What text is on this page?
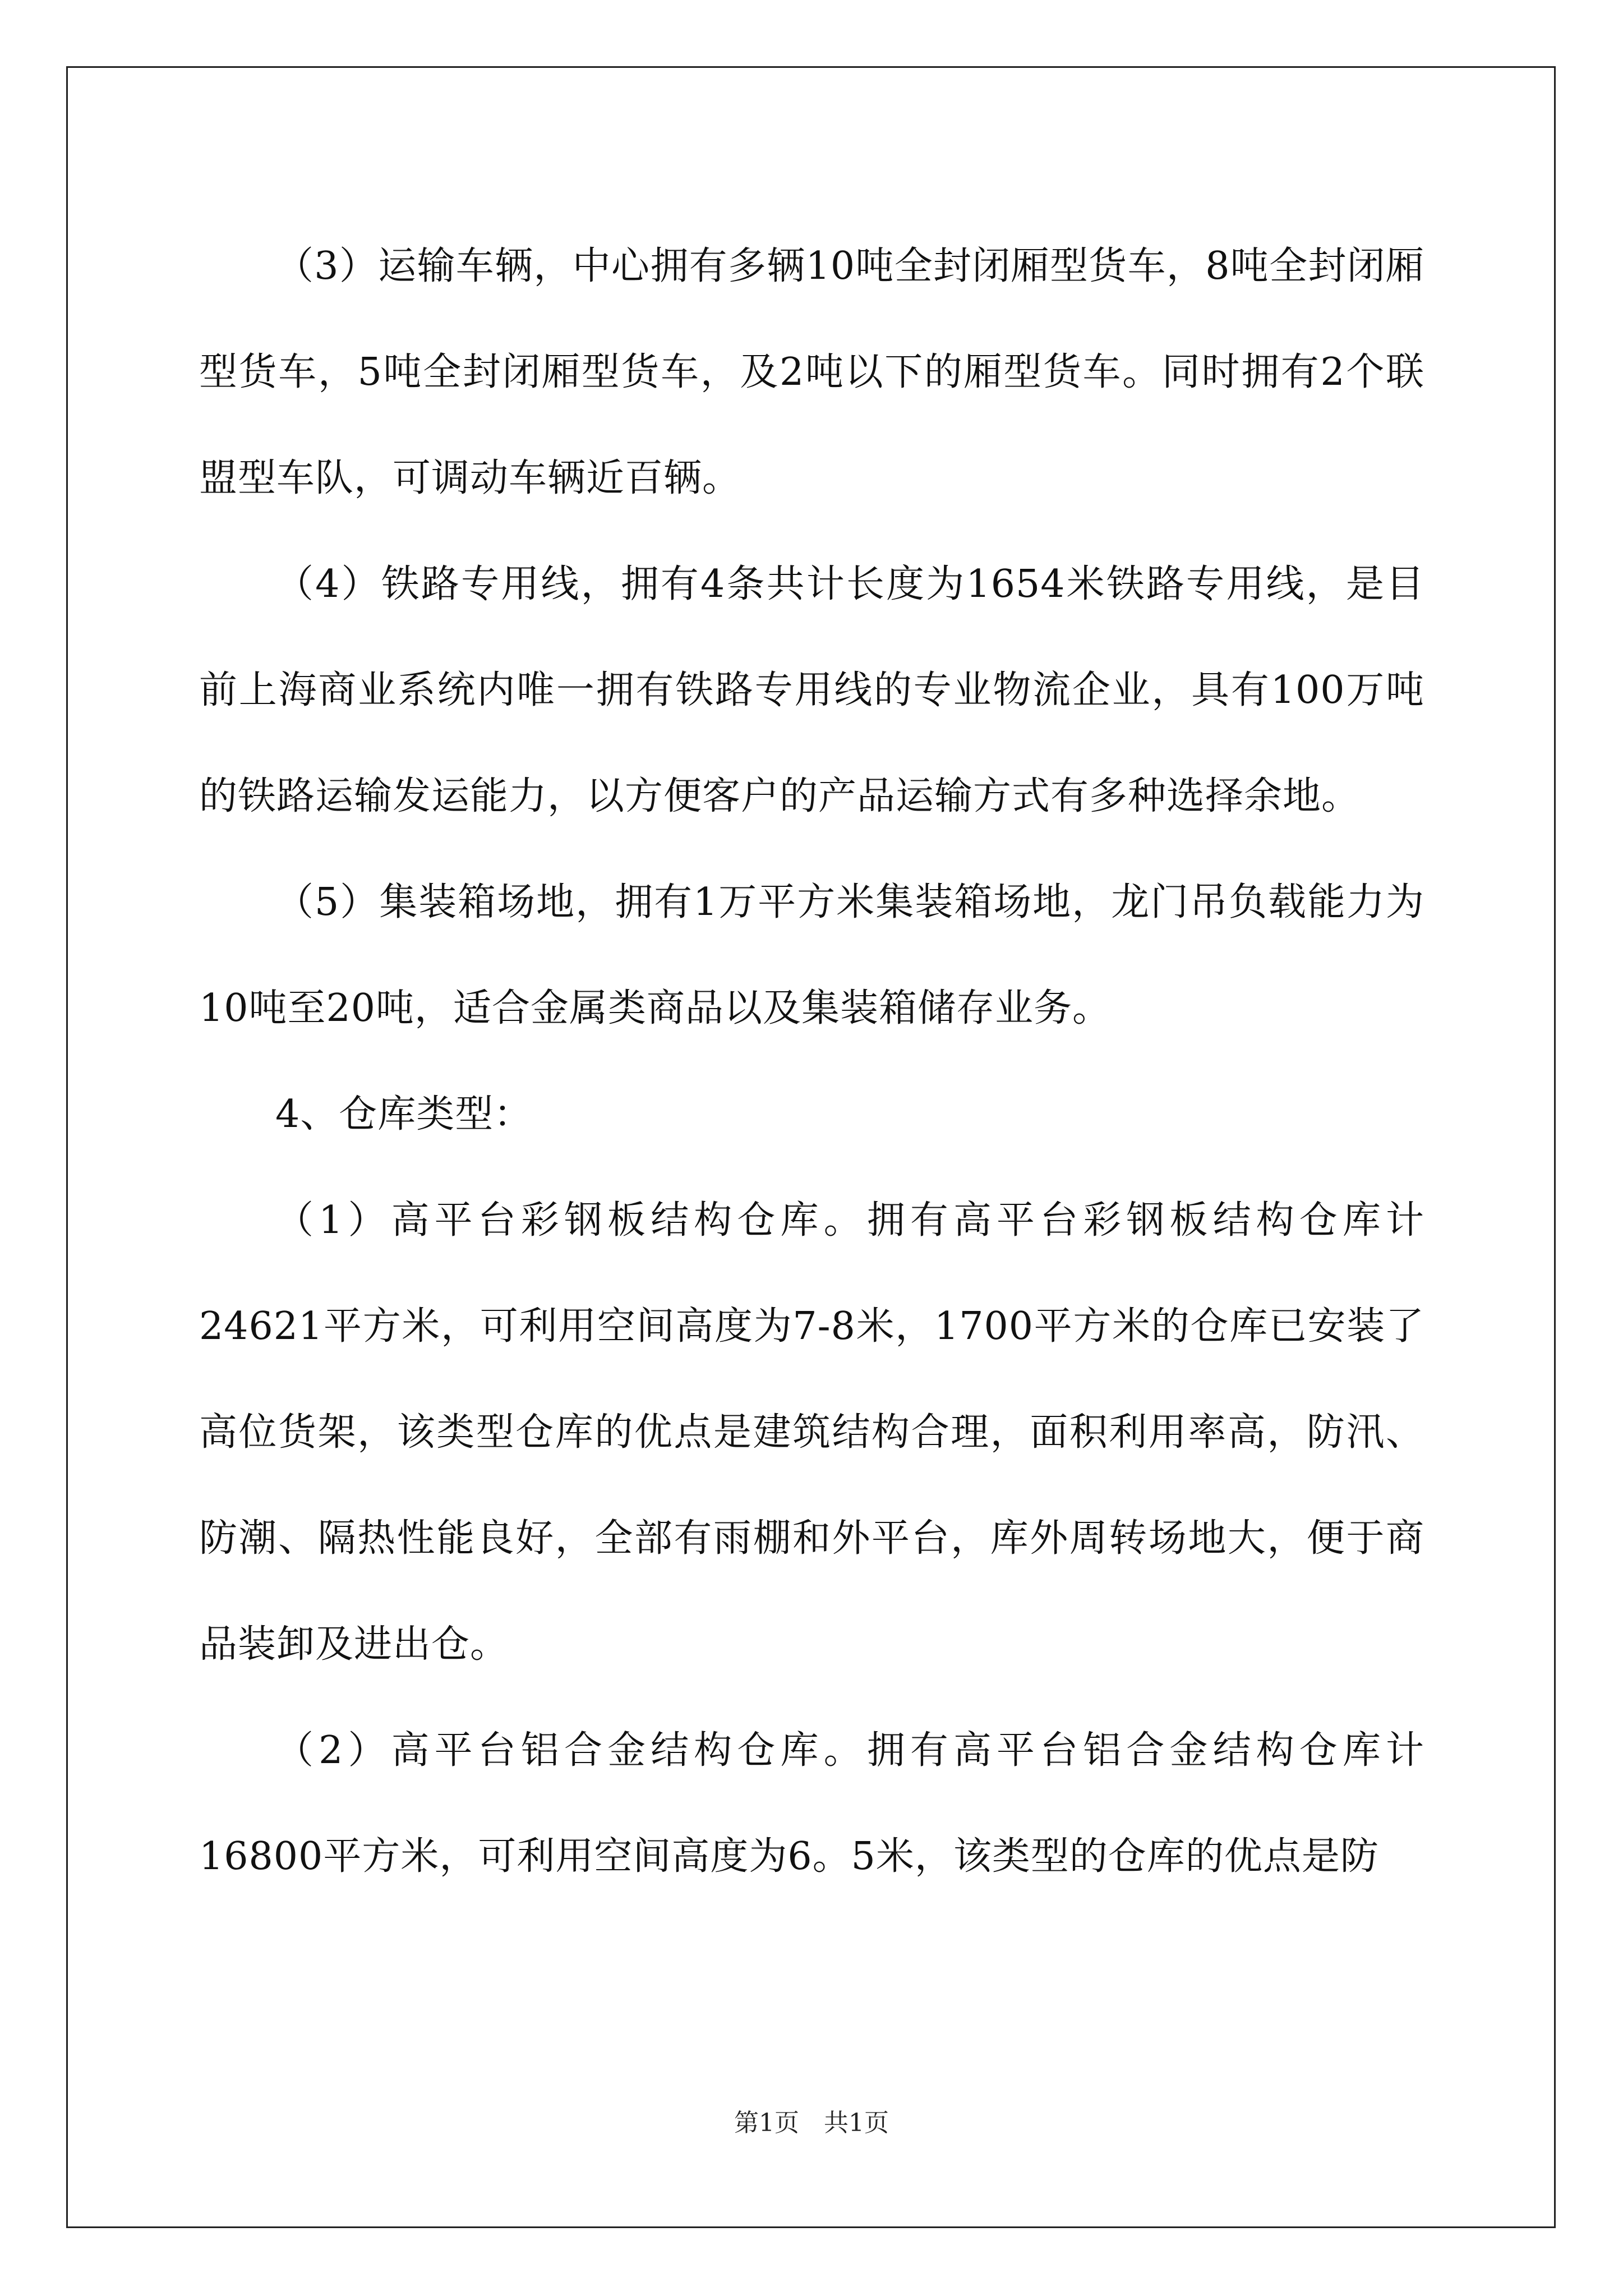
（3）运输车辆，中心拥有多辆10吨全封闭厢型货车，8吨全封闭厢型货车，5吨全封闭厢型货车，及2吨以下的厢型货车。同时拥有2个联盟型车队，可调动车辆近百辆。

（4）铁路专用线，拥有4条共计长度为1654米铁路专用线，是目前上海商业系统内唯一拥有铁路专用线的专业物流企业，具有100万吨的铁路运输发运能力，以方便客户的产品运输方式有多种选择余地。

（5）集装箱场地，拥有1万平方米集装箱场地，龙门吊负载能力为10吨至20吨，适合金属类商品以及集装箱储存业务。

4、仓库类型：

（1）高平台彩钢板结构仓库。拥有高平台彩钢板结构仓库计24621平方米，可利用空间高度为7-8米，1700平方米的仓库已安装了高位货架，该类型仓库的优点是建筑结构合理，面积利用率高，防汛、防潮、隔热性能良好，全部有雨棚和外平台，库外周转场地大，便于商品装卸及进出仓。

（2）高平台铝合金结构仓库。拥有高平台铝合金结构仓库计16800平方米，可利用空间高度为6。5米，该类型的仓库的优点是防

第1页　共1页
